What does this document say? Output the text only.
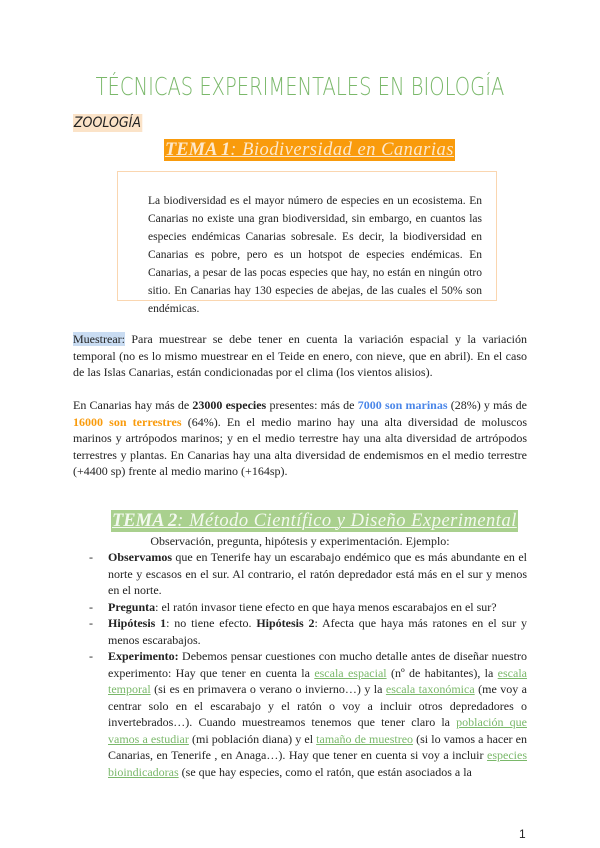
TÉCNICAS EXPERIMENTALES EN BIOLOGÍA
ZOOLOGÍA
TEMA 1: Biodiversidad en Canarias
La biodiversidad es el mayor número de especies en un ecosistema. En Canarias no existe una gran biodiversidad, sin embargo, en cuantos las especies endémicas Canarias sobresale. Es decir, la biodiversidad en Canarias es pobre, pero es un hotspot de especies endémicas. En Canarias, a pesar de las pocas especies que hay, no están en ningún otro sitio. En Canarias hay 130 especies de abejas, de las cuales el 50% son endémicas.
Muestrear: Para muestrear se debe tener en cuenta la variación espacial y la variación temporal (no es lo mismo muestrear en el Teide en enero, con nieve, que en abril). En el caso de las Islas Canarias, están condicionadas por el clima (los vientos alisios).
En Canarias hay más de 23000 especies presentes: más de 7000 son marinas (28%) y más de 16000 son terrestres (64%). En el medio marino hay una alta diversidad de moluscos marinos y artrópodos marinos; y en el medio terrestre hay una alta diversidad de artrópodos terrestres y plantas. En Canarias hay una alta diversidad de endemismos en el medio terrestre (+4400 sp) frente al medio marino (+164sp).
TEMA 2: Método Científico y Diseño Experimental
Observación, pregunta, hipótesis y experimentación. Ejemplo:
- Observamos que en Tenerife hay un escarabajo endémico que es más abundante en el norte y escasos en el sur. Al contrario, el ratón depredador está más en el sur y menos en el norte.
- Pregunta: el ratón invasor tiene efecto en que haya menos escarabajos en el sur?
- Hipótesis 1: no tiene efecto. Hipótesis 2: Afecta que haya más ratones en el sur y menos escarabajos.
- Experimento: Debemos pensar cuestiones con mucho detalle antes de diseñar nuestro experimento: Hay que tener en cuenta la escala espacial (nº de habitantes), la escala temporal (si es en primavera o verano o invierno…) y la escala taxonómica (me voy a centrar solo en el escarabajo y el ratón o voy a incluir otros depredadores o invertebrados…). Cuando muestreamos tenemos que tener claro la población que vamos a estudiar (mi población diana) y el tamaño de muestreo (si lo vamos a hacer en Canarias, en Tenerife , en Anaga…). Hay que tener en cuenta si voy a incluir especies bioindicadoras (se que hay especies, como el ratón, que están asociados a la
1
